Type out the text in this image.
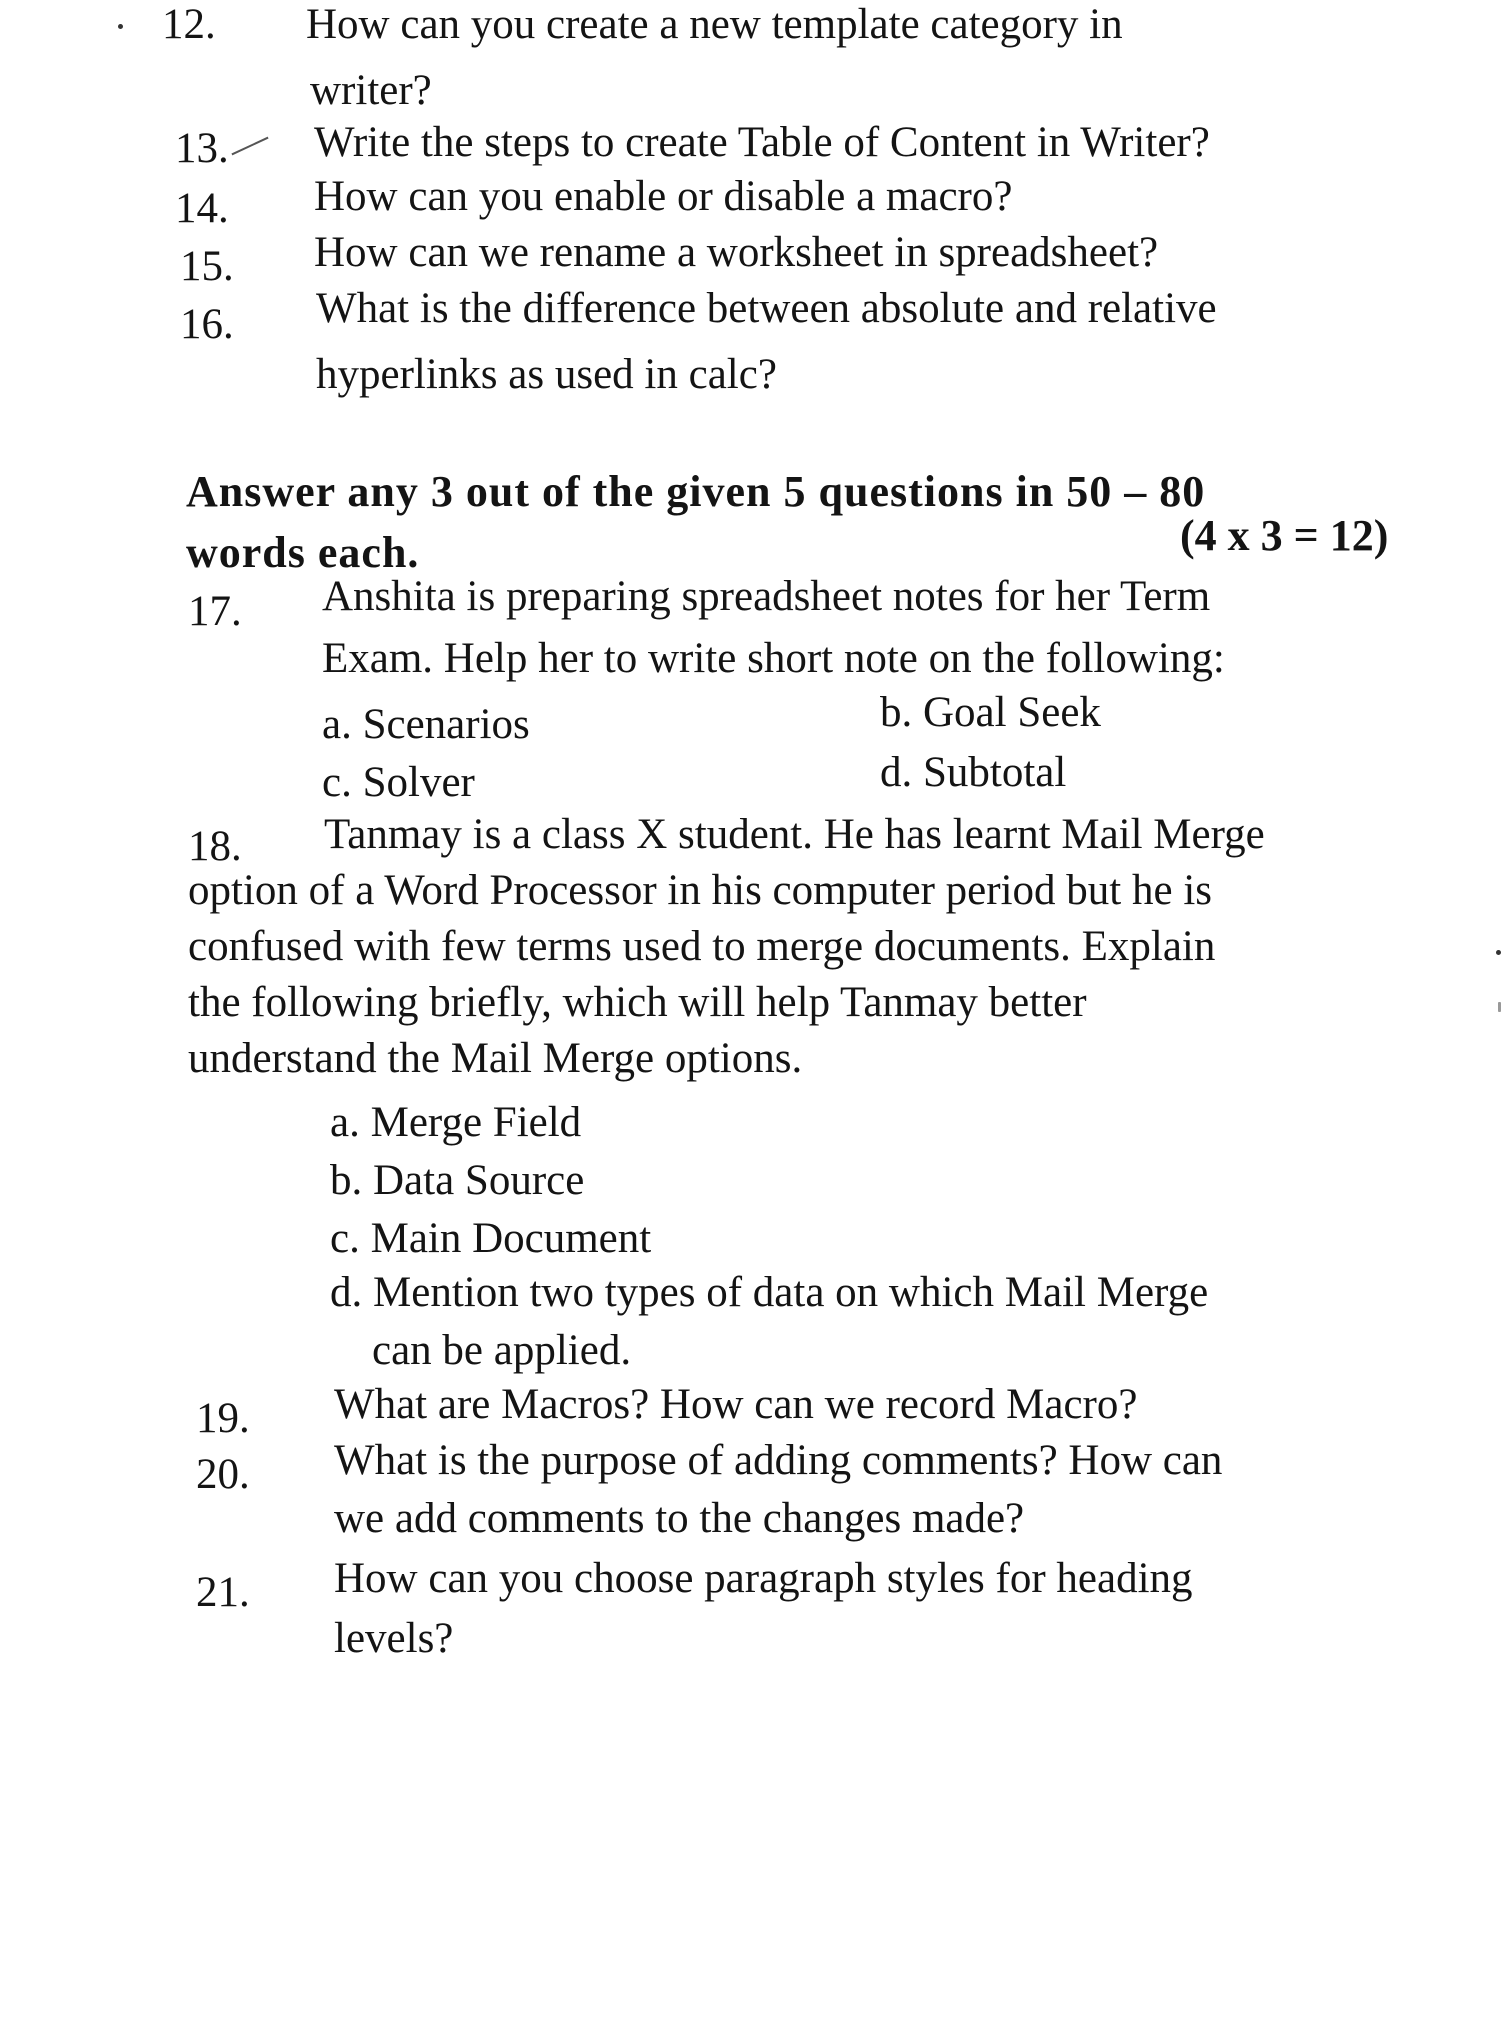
12. How can you create a new template category in
writer?
13. Write the steps to create Table of Content in Writer?
14. How can you enable or disable a macro?
15. How can we rename a worksheet in spreadsheet?
16. What is the difference between absolute and relative
hyperlinks as used in calc?
Answer any 3 out of the given 5 questions in 50 – 80
words each.	(4 x 3 = 12)
17. Anshita is preparing spreadsheet notes for her Term
Exam. Help her to write short note on the following:
a. Scenarios	b. Goal Seek
c. Solver	d. Subtotal
18. Tanmay is a class X student. He has learnt Mail Merge
option of a Word Processor in his computer period but he is
confused with few terms used to merge documents. Explain
the following briefly, which will help Tanmay better
understand the Mail Merge options.
a. Merge Field
b. Data Source
c. Main Document
d. Mention two types of data on which Mail Merge
can be applied.
19. What are Macros? How can we record Macro?
20. What is the purpose of adding comments? How can
we add comments to the changes made?
21. How can you choose paragraph styles for heading
levels?
